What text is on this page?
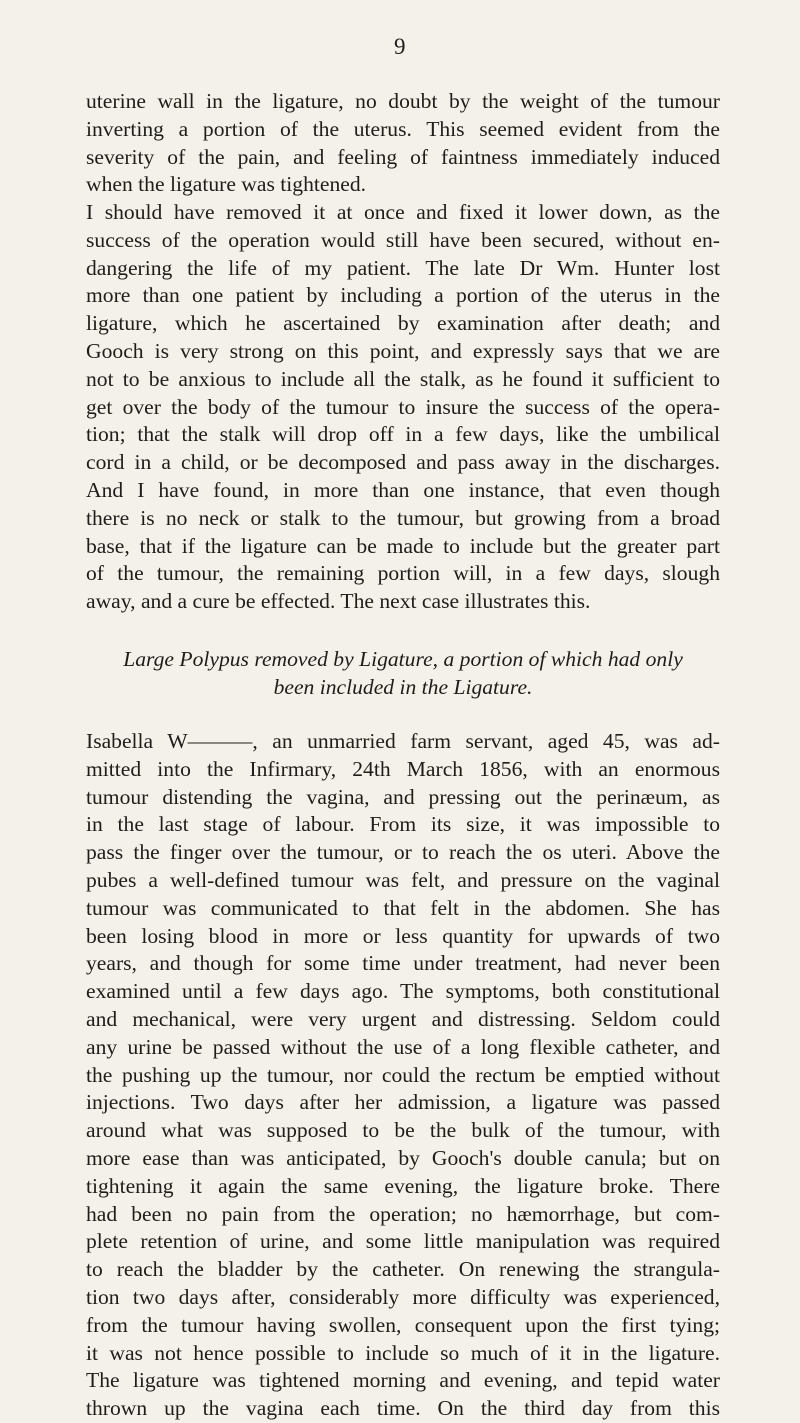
9

uterine wall in the ligature, no doubt by the weight of the tumour
inverting a portion of the uterus. This seemed evident from the
severity of the pain, and feeling of faintness immediately induced
when the ligature was tightened.

I should have removed it at once and fixed it lower down, as the
success of the operation would still have been secured, without en-
dangering the life of my patient. The late Dr Wm. Hunter lost
more than one patient by including a portion of the uterus in the
ligature, which he ascertained by examination after death; and
Gooch is very strong on this point, and expressly says that we are
not to be anxious to include all the stalk, as he found it sufficient to
get over the body of the tumour to insure the success of the opera-
tion; that the stalk will drop off in a few days, like the umbilical
cord in a child, or be decomposed and pass away in the discharges.
And I have found, in more than one instance, that even though
there is no neck or stalk to the tumour, but growing from a broad
base, that if the ligature can be made to include but the greater part
of the tumour, the remaining portion will, in a few days, slough
away, and a cure be effected. The next case illustrates this.

Large Polypus removed by Ligature, a portion of which had only
been included in the Ligature.

Isabella W———, an unmarried farm servant, aged 45, was ad-
mitted into the Infirmary, 24th March 1856, with an enormous
tumour distending the vagina, and pressing out the perinæum, as
in the last stage of labour. From its size, it was impossible to
pass the finger over the tumour, or to reach the os uteri. Above the
pubes a well-defined tumour was felt, and pressure on the vaginal
tumour was communicated to that felt in the abdomen. She has
been losing blood in more or less quantity for upwards of two
years, and though for some time under treatment, had never been
examined until a few days ago. The symptoms, both constitutional
and mechanical, were very urgent and distressing. Seldom could
any urine be passed without the use of a long flexible catheter, and
the pushing up the tumour, nor could the rectum be emptied without
injections. Two days after her admission, a ligature was passed
around what was supposed to be the bulk of the tumour, with
more ease than was anticipated, by Gooch's double canula; but on
tightening it again the same evening, the ligature broke. There
had been no pain from the operation; no hæmorrhage, but com-
plete retention of urine, and some little manipulation was required
to reach the bladder by the catheter. On renewing the strangula-
tion two days after, considerably more difficulty was experienced,
from the tumour having swollen, consequent upon the first tying;
it was not hence possible to include so much of it in the ligature.
The ligature was tightened morning and evening, and tepid water
thrown up the vagina each time. On the third day from this
